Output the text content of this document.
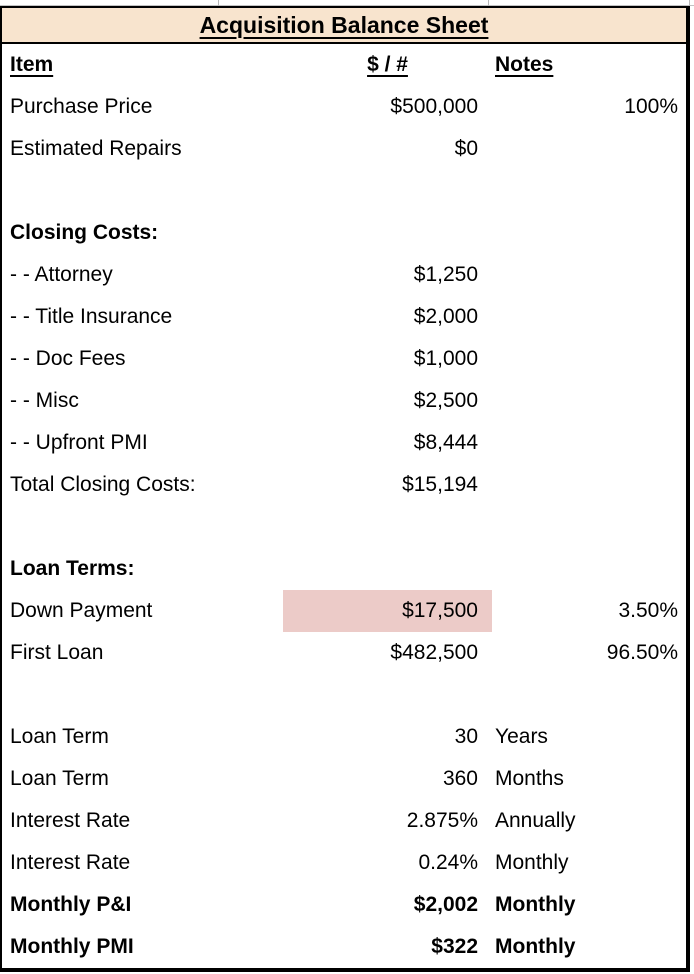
Acquisition Balance Sheet
Item	$ / #	Notes
Purchase Price	$500,000	100%
Estimated Repairs	$0
Closing Costs:
- - Attorney	$1,250
- - Title Insurance	$2,000
- - Doc Fees	$1,000
- - Misc	$2,500
- - Upfront PMI	$8,444
Total Closing Costs:	$15,194
Loan Terms:
Down Payment	$17,500	3.50%
First Loan	$482,500	96.50%
Loan Term	30 Years
Loan Term	360 Months
Interest Rate	2.875% Annually
Interest Rate	0.24% Monthly
Monthly P&I	$2,002 Monthly
Monthly PMI	$322 Monthly
